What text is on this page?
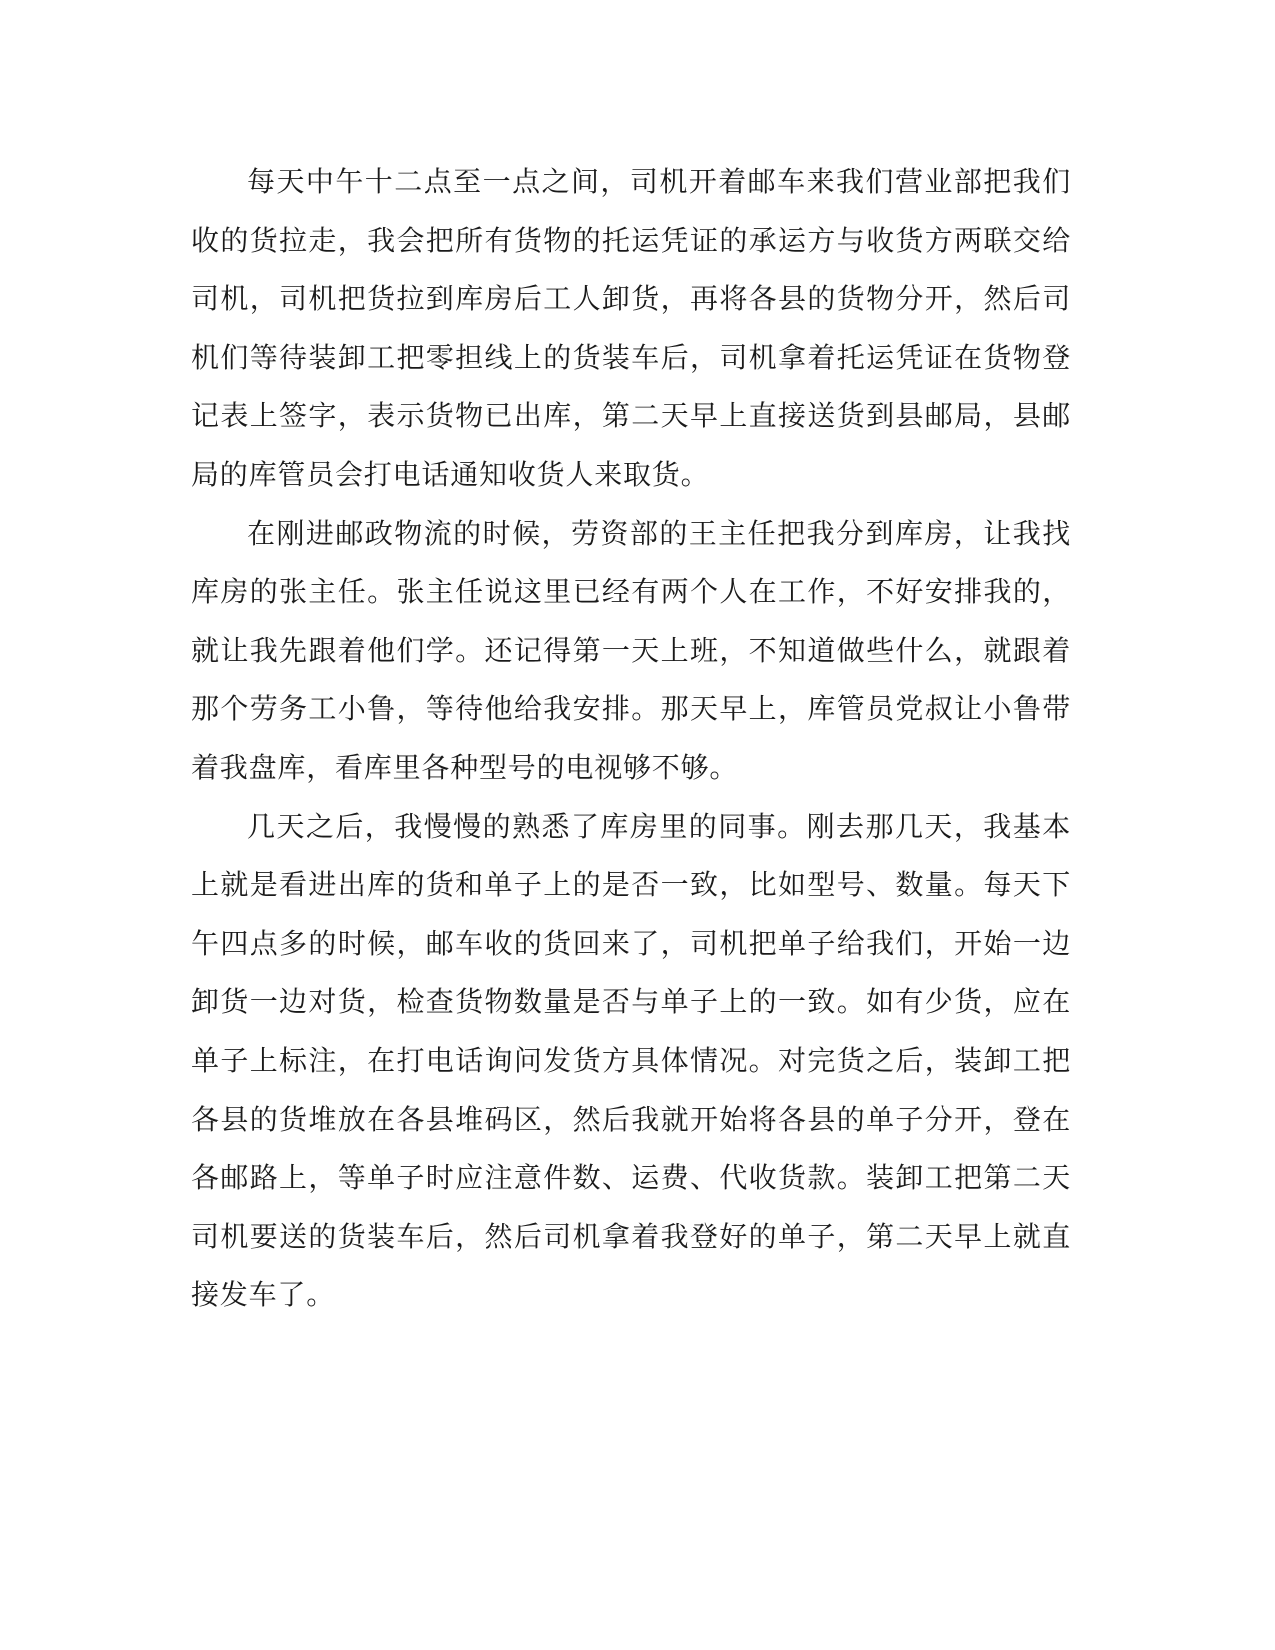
每天中午十二点至一点之间，司机开着邮车来我们营业部把我们收的货拉走，我会把所有货物的托运凭证的承运方与收货方两联交给司机，司机把货拉到库房后工人卸货，再将各县的货物分开，然后司机们等待装卸工把零担线上的货装车后，司机拿着托运凭证在货物登记表上签字，表示货物已出库，第二天早上直接送货到县邮局，县邮局的库管员会打电话通知收货人来取货。

在刚进邮政物流的时候，劳资部的王主任把我分到库房，让我找库房的张主任。张主任说这里已经有两个人在工作，不好安排我的，就让我先跟着他们学。还记得第一天上班，不知道做些什么，就跟着那个劳务工小鲁，等待他给我安排。那天早上，库管员党叔让小鲁带着我盘库，看库里各种型号的电视够不够。

几天之后，我慢慢的熟悉了库房里的同事。刚去那几天，我基本上就是看进出库的货和单子上的是否一致，比如型号、数量。每天下午四点多的时候，邮车收的货回来了，司机把单子给我们，开始一边卸货一边对货，检查货物数量是否与单子上的一致。如有少货，应在单子上标注，在打电话询问发货方具体情况。对完货之后，装卸工把各县的货堆放在各县堆码区，然后我就开始将各县的单子分开，登在各邮路上，等单子时应注意件数、运费、代收货款。装卸工把第二天司机要送的货装车后，然后司机拿着我登好的单子，第二天早上就直接发车了。
